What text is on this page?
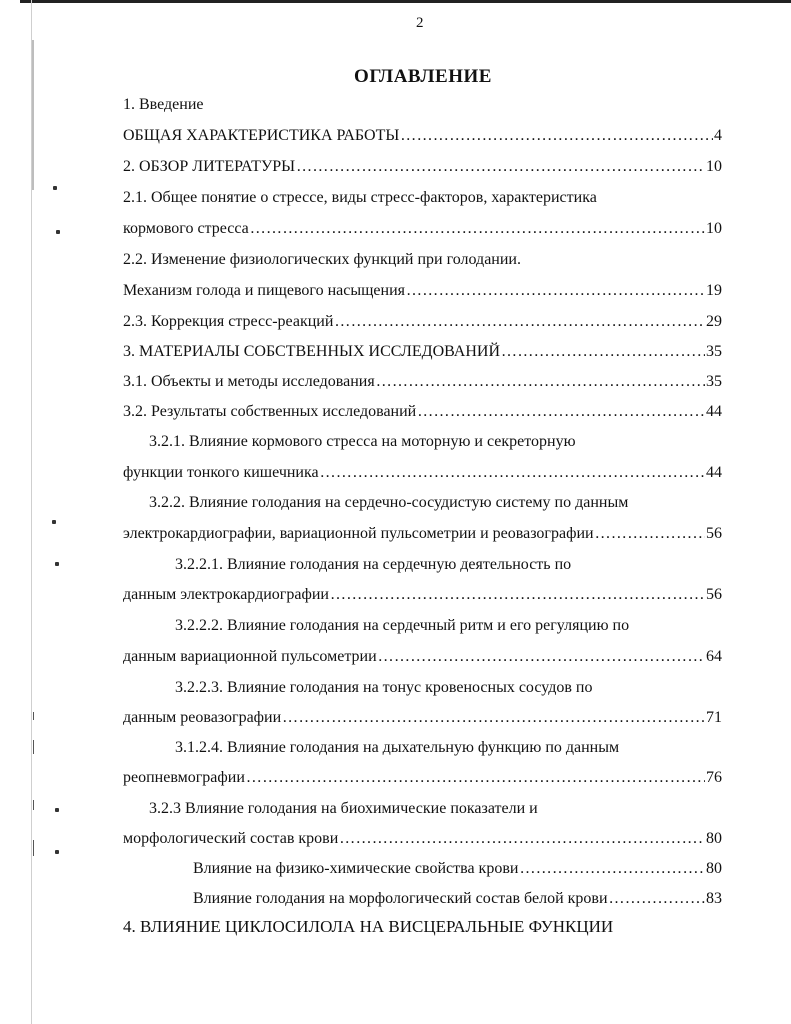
2
ОГЛАВЛЕНИЕ
1. Введение
ОБЩАЯ ХАРАКТЕРИСТИКА РАБОТЫ ………………………………………………………………………………………………………………………………………………………………………………………	4
2. ОБЗОР ЛИТЕРАТУРЫ ………………………………………………………………………………………………………………………………………………………………………………………	10
2.1. Общее понятие о стрессе, виды стресс-факторов, характеристика
кормового стресса ………………………………………………………………………………………………………………………………………………………………………………………	10
2.2. Изменение физиологических функций при голодании.
Механизм голода и пищевого насыщения ………………………………………………………………………………………………………………………………………………………………………………………	19
2.3. Коррекция стресс-реакций ………………………………………………………………………………………………………………………………………………………………………………………	29
3. МАТЕРИАЛЫ СОБСТВЕННЫХ ИССЛЕДОВАНИЙ ………………………………………………………………………………………………………………………………………………………………………………………	35
3.1. Объекты и методы исследования ………………………………………………………………………………………………………………………………………………………………………………………	35
3.2. Результаты собственных исследований ………………………………………………………………………………………………………………………………………………………………………………………	44
3.2.1. Влияние кормового стресса на моторную и секреторную
функции тонкого кишечника ………………………………………………………………………………………………………………………………………………………………………………………	44
3.2.2. Влияние голодания на сердечно-сосудистую систему по данным
электрокардиографии, вариационной пульсометрии и реовазографии ………………………………………………………………………………………………………………………………………………………………………………………	56
3.2.2.1. Влияние голодания на сердечную деятельность по
данным электрокардиографии ………………………………………………………………………………………………………………………………………………………………………………………	56
3.2.2.2. Влияние голодания на сердечный ритм и его регуляцию по
данным вариационной пульсометрии ………………………………………………………………………………………………………………………………………………………………………………………	64
3.2.2.3. Влияние голодания на тонус кровеносных сосудов по
данным реовазографии ………………………………………………………………………………………………………………………………………………………………………………………	71
3.1.2.4. Влияние голодания на дыхательную функцию по данным
реопневмографии ………………………………………………………………………………………………………………………………………………………………………………………	76
3.2.3 Влияние голодания на биохимические показатели и
морфологический состав крови ………………………………………………………………………………………………………………………………………………………………………………………	80
Влияние на физико-химические свойства крови ………………………………………………………………………………………………………………………………………………………………………………………	80
Влияние голодания на морфологический состав белой крови ………………………………………………………………………………………………………………………………………………………………………………………	83
4. ВЛИЯНИЕ ЦИКЛОСИЛОЛА НА ВИСЦЕРАЛЬНЫЕ ФУНКЦИИ
